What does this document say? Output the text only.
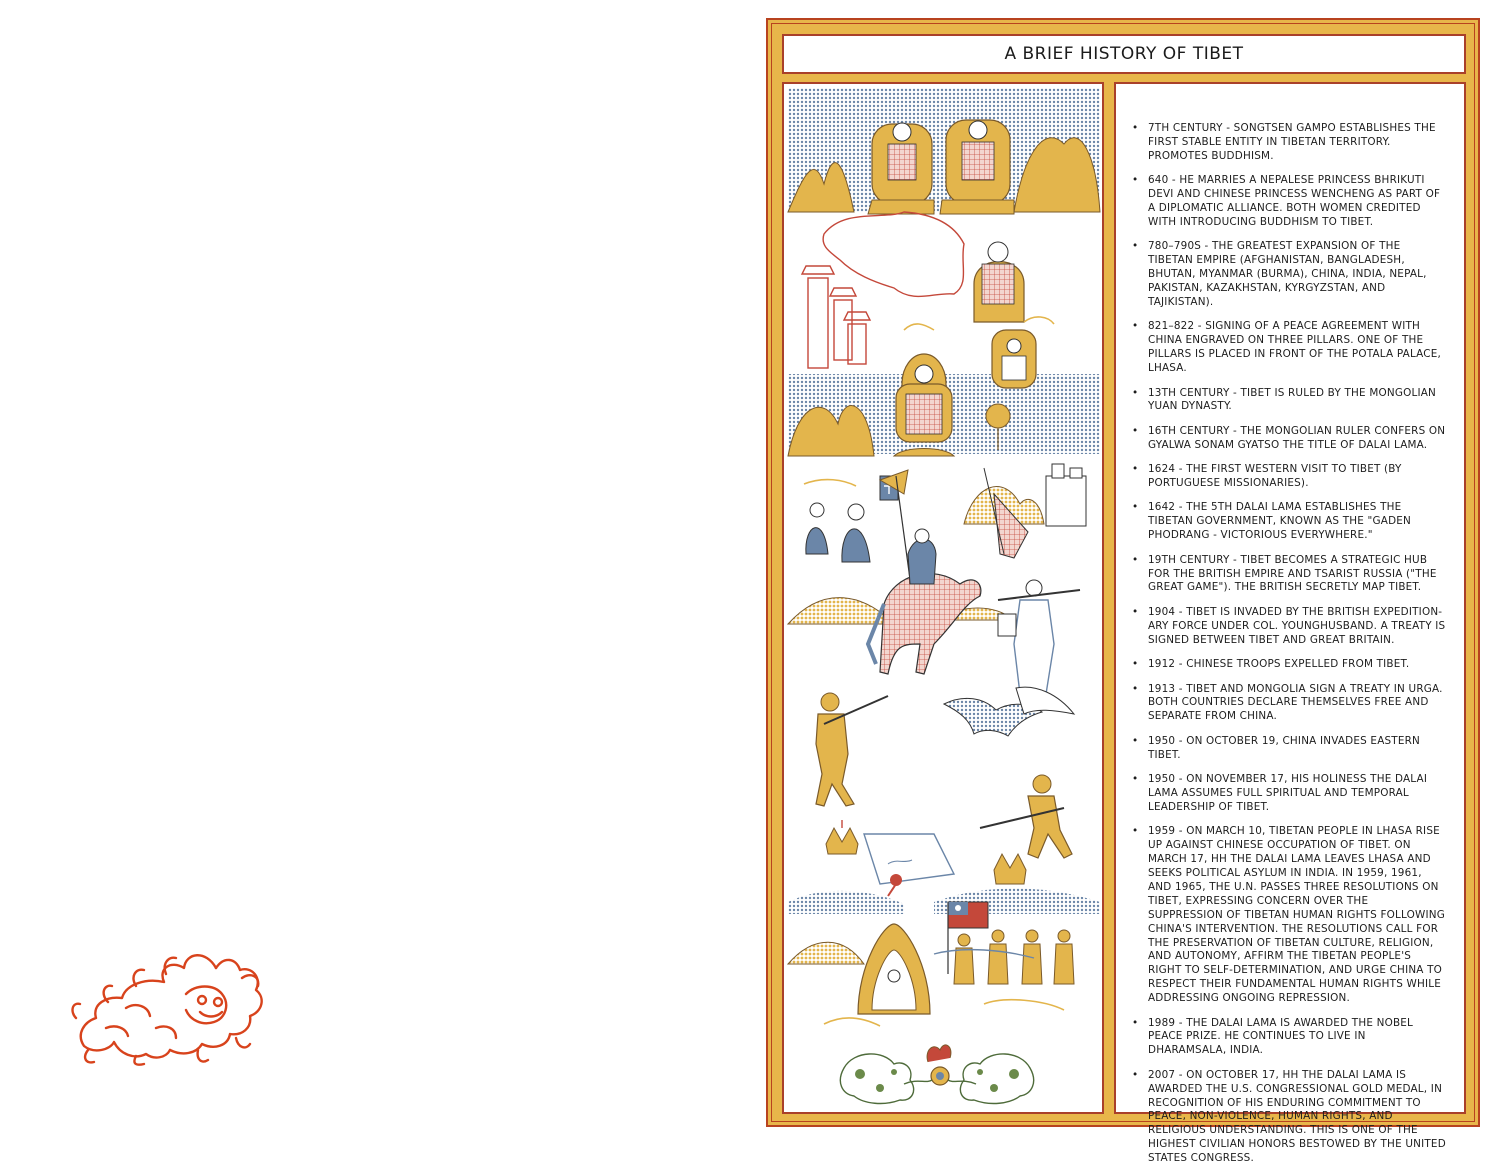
A BRIEF HISTORY OF TIBET
• 7TH CENTURY - SONGTSEN GAMPO ESTABLISHES THE FIRST STABLE ENTITY IN TIBETAN TERRITORY. PROMOTES BUDDHISM.
• 640 - HE MARRIES A NEPALESE PRINCESS BHRIKUTI DEVI AND CHINESE PRINCESS WENCHENG AS PART OF A DIPLOMATIC ALLIANCE. BOTH WOMEN CREDITED WITH INTRODUCING BUDDHISM TO TIBET.
• 780–790S - THE GREATEST EXPANSION OF THE TIBETAN EMPIRE (AFGHANISTAN, BANGLADESH, BHUTAN, MYANMAR (BURMA), CHINA, INDIA, NEPAL, PAKISTAN, KAZAKHSTAN, KYRGYZSTAN, AND TAJIKISTAN).
• 821–822 - SIGNING OF A PEACE AGREEMENT WITH CHINA ENGRAVED ON THREE PILLARS. ONE OF THE PILLARS IS PLACED IN FRONT OF THE POTALA PALACE, LHASA.
• 13TH CENTURY - TIBET IS RULED BY THE MONGOLIAN YUAN DYNASTY.
• 16TH CENTURY - THE MONGOLIAN RULER CONFERS ON GYALWA SONAM GYATSO THE TITLE OF DALAI LAMA.
• 1624 - THE FIRST WESTERN VISIT TO TIBET (BY PORTUGUESE MISSIONARIES).
• 1642 - THE 5TH DALAI LAMA ESTABLISHES THE TIBETAN GOVERNMENT, KNOWN AS THE "GADEN PHODRANG - VICTORIOUS EVERYWHERE."
• 19TH CENTURY - TIBET BECOMES A STRATEGIC HUB FOR THE BRITISH EMPIRE AND TSARIST RUSSIA ("THE GREAT GAME"). THE BRITISH SECRETLY MAP TIBET.
• 1904 - TIBET IS INVADED BY THE BRITISH EXPEDITION- ARY FORCE UNDER COL. YOUNGHUSBAND. A TREATY IS SIGNED BETWEEN TIBET AND GREAT BRITAIN.
• 1912 - CHINESE TROOPS EXPELLED FROM TIBET.
• 1913 - TIBET AND MONGOLIA SIGN A TREATY IN URGA. BOTH COUNTRIES DECLARE THEMSELVES FREE AND SEPARATE FROM CHINA.
• 1950 - ON OCTOBER 19, CHINA INVADES EASTERN TIBET.
• 1950 - ON NOVEMBER 17, HIS HOLINESS THE DALAI LAMA ASSUMES FULL SPIRITUAL AND TEMPORAL LEADERSHIP OF TIBET.
• 1959 - ON MARCH 10, TIBETAN PEOPLE IN LHASA RISE UP AGAINST CHINESE OCCUPATION OF TIBET. ON MARCH 17, HH THE DALAI LAMA LEAVES LHASA AND SEEKS POLITICAL ASYLUM IN INDIA. IN 1959, 1961, AND 1965, THE U.N. PASSES THREE RESOLUTIONS ON TIBET, EXPRESSING CONCERN OVER THE SUPPRESSION OF TIBETAN HUMAN RIGHTS FOLLOWING CHINA'S INTERVENTION. THE RESOLUTIONS CALL FOR THE PRESERVATION OF TIBETAN CULTURE, RELIGION, AND AUTONOMY, AFFIRM THE TIBETAN PEOPLE'S RIGHT TO SELF-DETERMINATION, AND URGE CHINA TO RESPECT THEIR FUNDAMENTAL HUMAN RIGHTS WHILE ADDRESSING ONGOING REPRESSION.
• 1989 - THE DALAI LAMA IS AWARDED THE NOBEL PEACE PRIZE. HE CONTINUES TO LIVE IN DHARAMSALA, INDIA.
• 2007 - ON OCTOBER 17, HH THE DALAI LAMA IS AWARDED THE U.S. CONGRESSIONAL GOLD MEDAL, IN RECOGNITION OF HIS ENDURING COMMITMENT TO PEACE, NON-VIOLENCE, HUMAN RIGHTS, AND RELIGIOUS UNDERSTANDING. THIS IS ONE OF THE HIGHEST CIVILIAN HONORS BESTOWED BY THE UNITED STATES CONGRESS.
